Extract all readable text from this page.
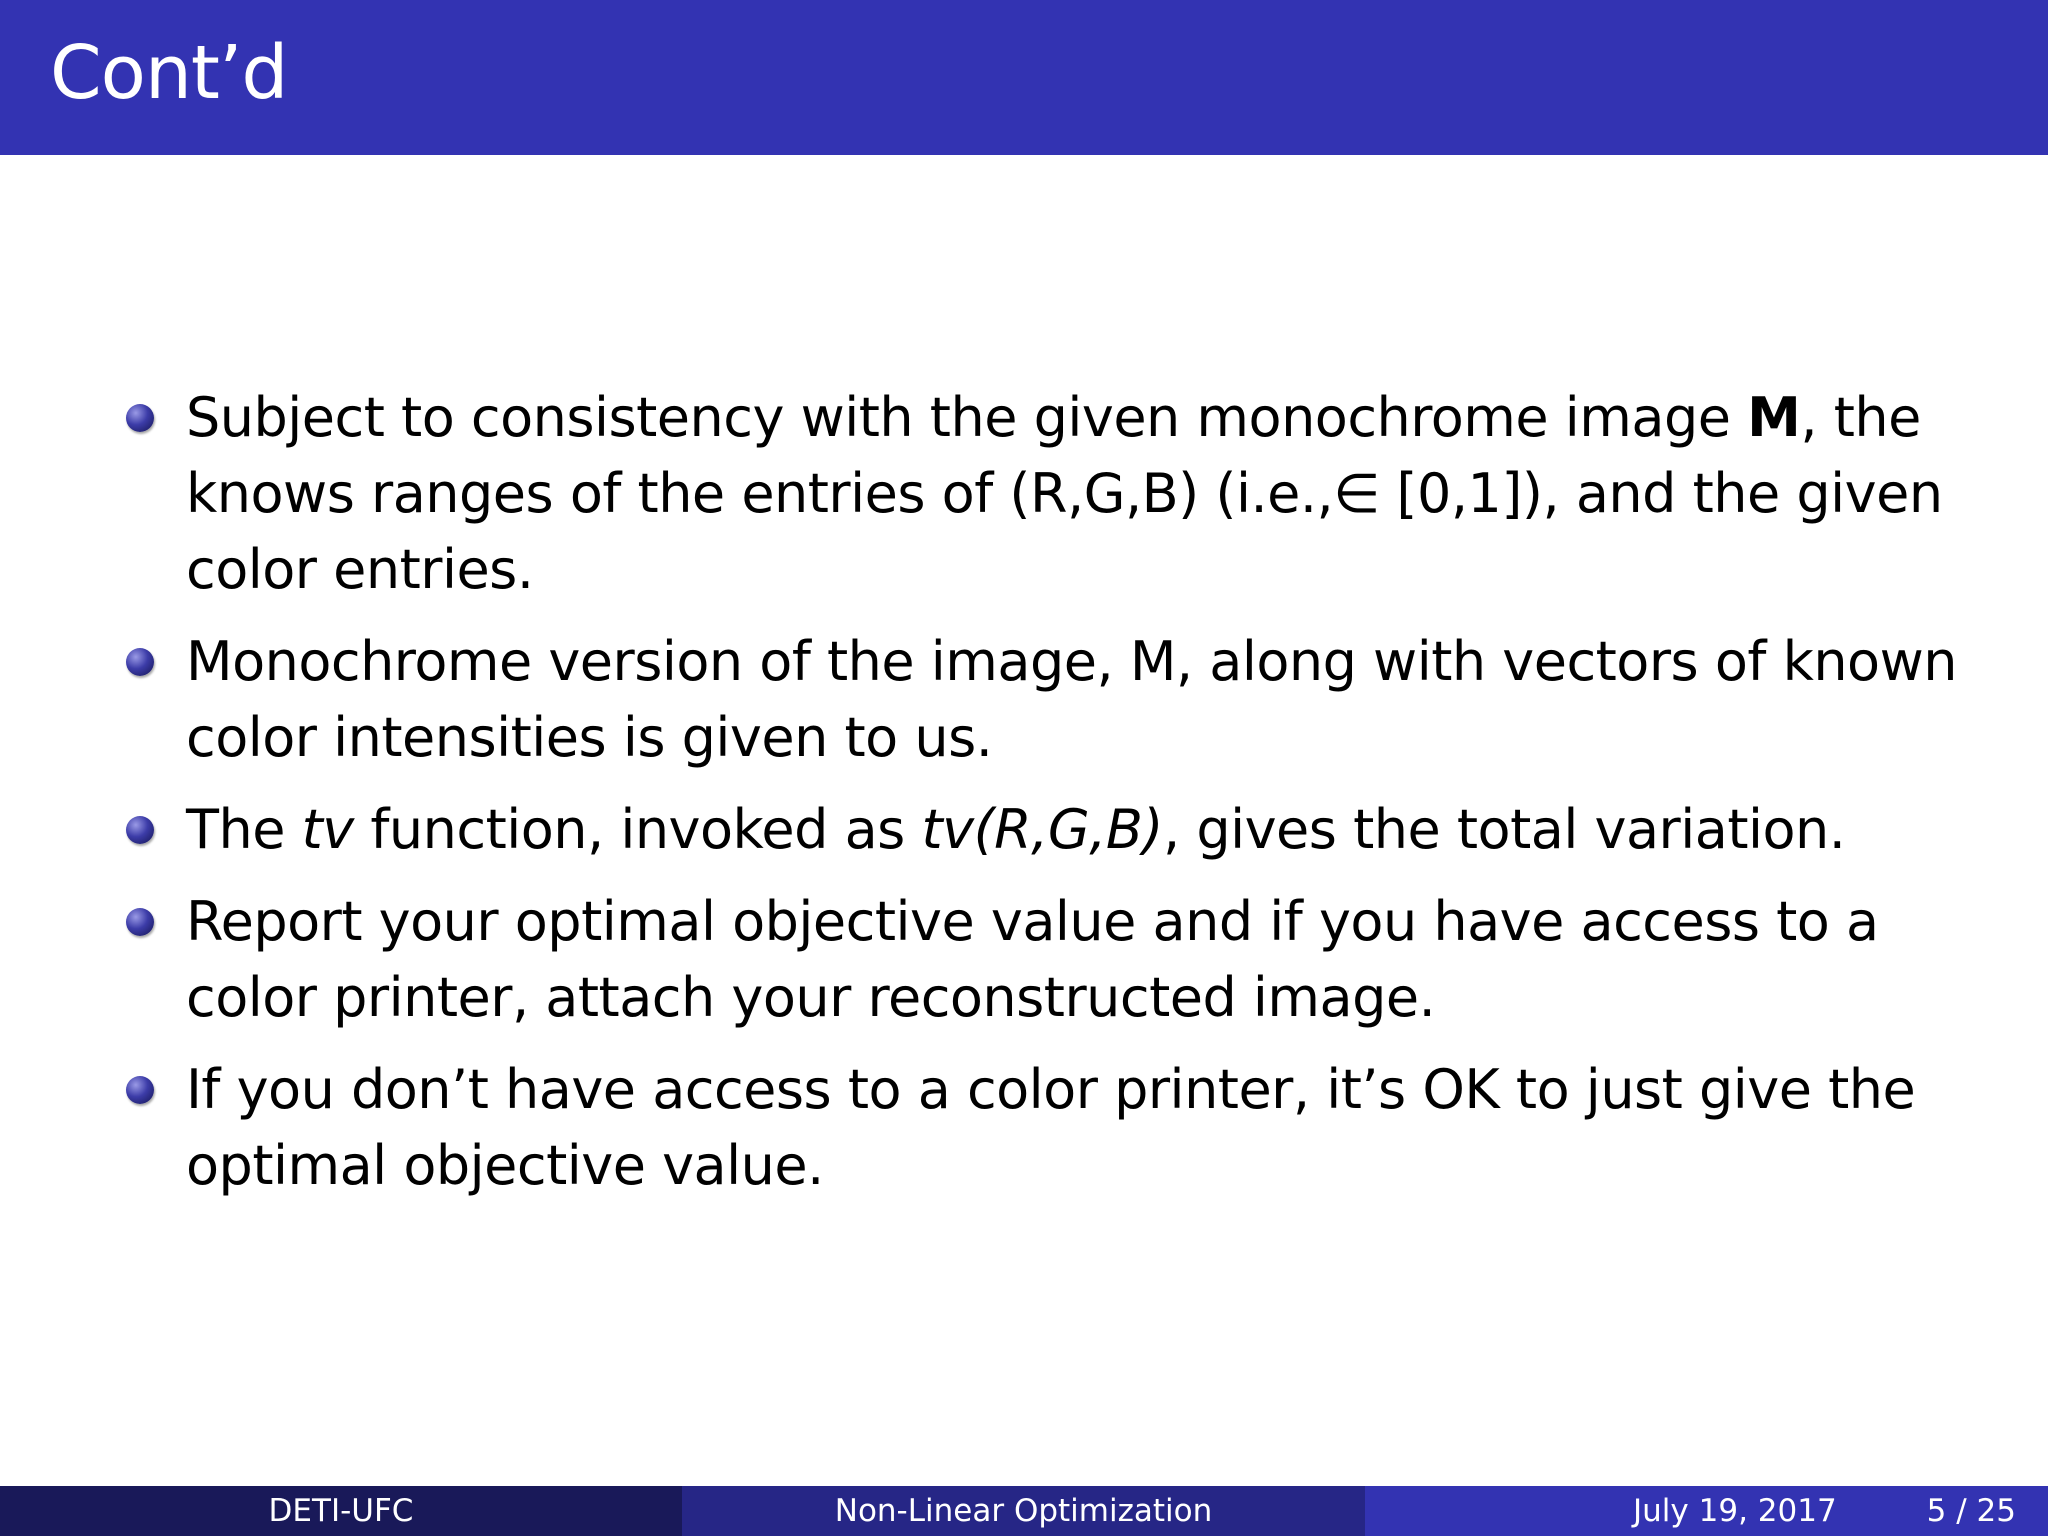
Cont’d
Subject to consistency with the given monochrome image M, the knows ranges of the entries of (R,G,B) (i.e.,∈ [0,1]), and the given color entries.
Monochrome version of the image, M, along with vectors of known color intensities is given to us.
The tv function, invoked as tv(R,G,B), gives the total variation.
Report your optimal objective value and if you have access to a color printer, attach your reconstructed image.
If you don’t have access to a color printer, it’s OK to just give the optimal objective value.
DETI-UFC	Non-Linear Optimization	July 19, 2017	5 / 25
